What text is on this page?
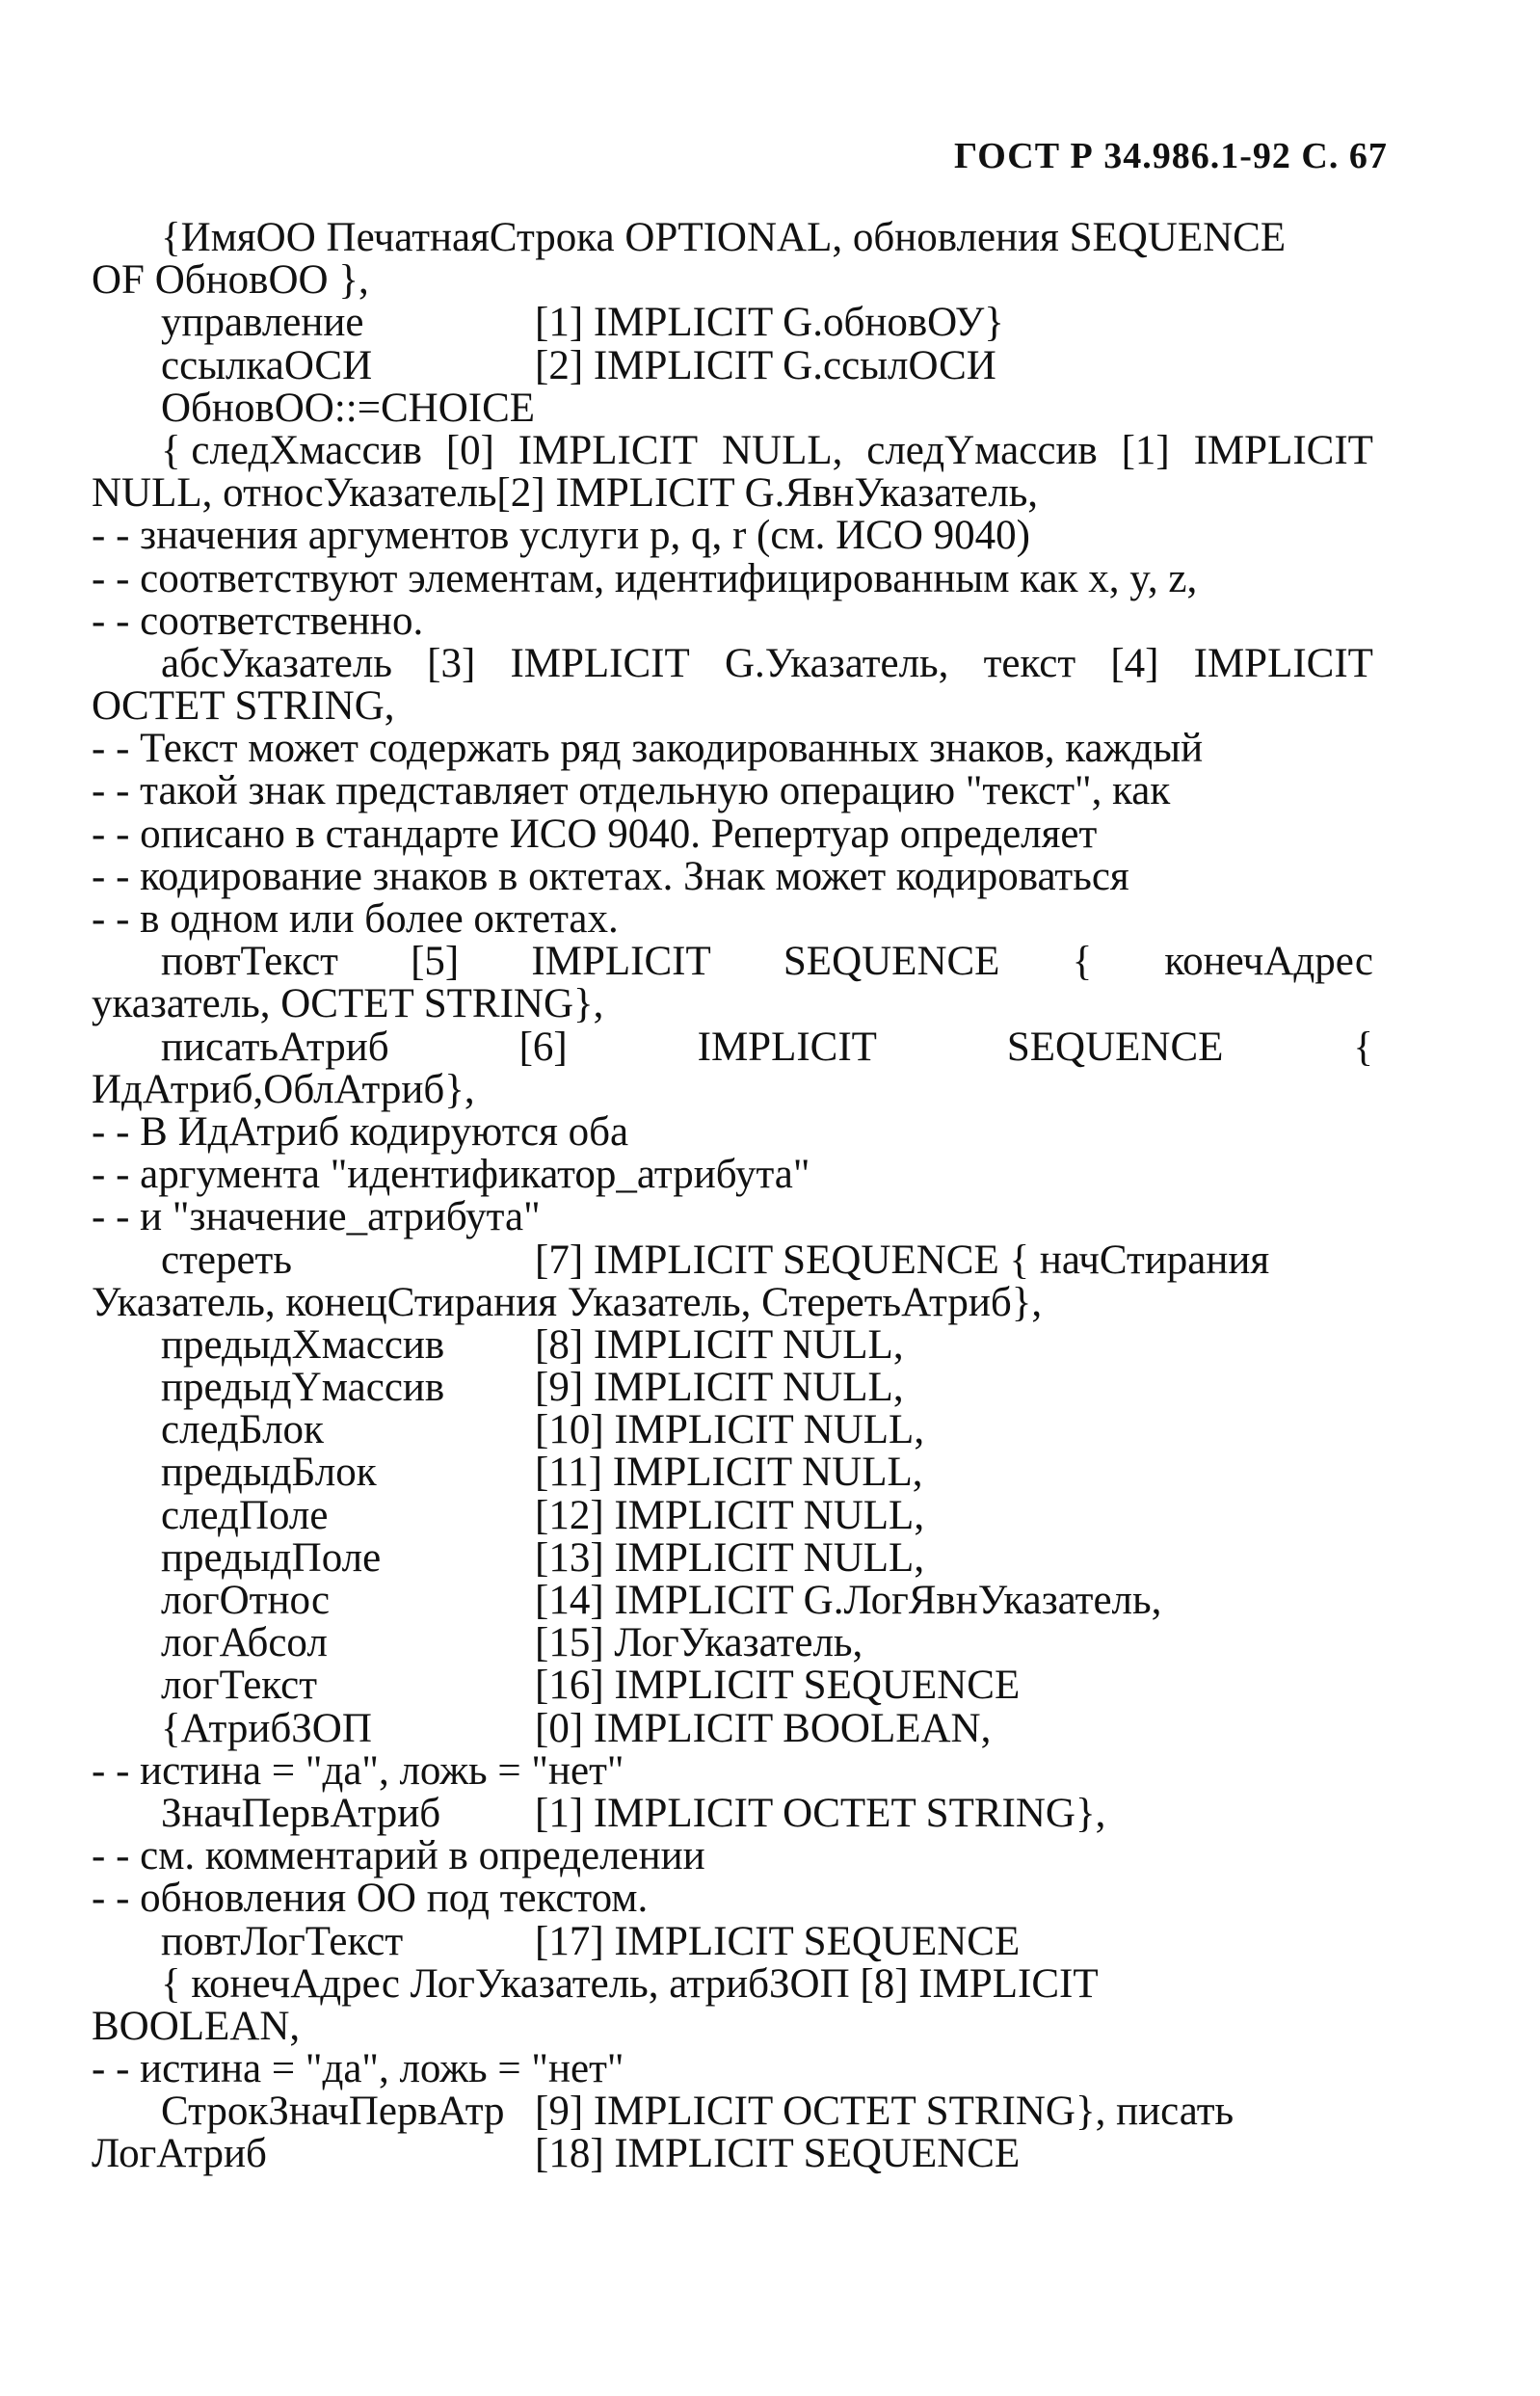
ГОСТ Р 34.986.1-92 С. 67
{ИмяОО ПечатнаяСтрока OPTIONAL, обновления SEQUENCE
OF ОбновОО },
управление	[1] IMPLICIT G.обновОУ}
ссылкаОСИ	[2] IMPLICIT G.ссылОСИ
ОбновОО::=CHOICE
{ следXмассив [0] IMPLICIT NULL, следYмассив [1] IMPLICIT
NULL, относУказатель[2] IMPLICIT G.ЯвнУказатель,
- - значения аргументов услуги р, q, r (см. ИСО 9040)
- - соответствуют элементам, идентифицированным как x, y, z,
- - соответственно.
абсУказатель [3] IMPLICIT G.Указатель, текст [4] IMPLICIT
OCTET STRING,
- - Текст может содержать ряд закодированных знаков, каждый
- - такой знак представляет отдельную операцию "текст", как
- - описано в стандарте ИСО 9040. Репертуар определяет
- - кодирование знаков в октетах. Знак может кодироваться
- - в одном или более октетах.
повтТекст [5] IMPLICIT SEQUENCE { конечАдрес
указатель, OCTET STRING},
писатьАтриб	[6]	IMPLICIT	SEQUENCE	{
ИдАтриб,ОблАтриб},
- - В ИдАтриб кодируются оба
- - аргумента "идентификатор_атрибута"
- - и "значение_атрибута"
стереть	[7] IMPLICIT SEQUENCE { начСтирания
Указатель, конецСтирания Указатель, СтеретьАтриб},
предыдXмассив	[8] IMPLICIT NULL,
предыдYмассив	[9] IMPLICIT NULL,
следБлок	[10] IMPLICIT NULL,
предыдБлок	[11] IMPLICIT NULL,
следПоле	[12] IMPLICIT NULL,
предыдПоле	[13] IMPLICIT NULL,
логОтнос	[14] IMPLICIT G.ЛогЯвнУказатель,
логАбсол	[15] ЛогУказатель,
логТекст	[16] IMPLICIT SEQUENCE
{АтрибЗОП	[0] IMPLICIT BOOLEAN,
- - истина = "да", ложь = "нет"
ЗначПервАтриб	[1] IMPLICIT OCTET STRING},
- - см. комментарий в определении
- - обновления ОО под текстом.
повтЛогТекст	[17] IMPLICIT SEQUENCE
{ конечАдрес ЛогУказатель, атрибЗОП [8] IMPLICIT
BOOLEAN,
- - истина = "да", ложь = "нет"
СтрокЗначПервАтр [9] IMPLICIT OCTET STRING}, писать
ЛогАтриб	[18] IMPLICIT SEQUENCE
